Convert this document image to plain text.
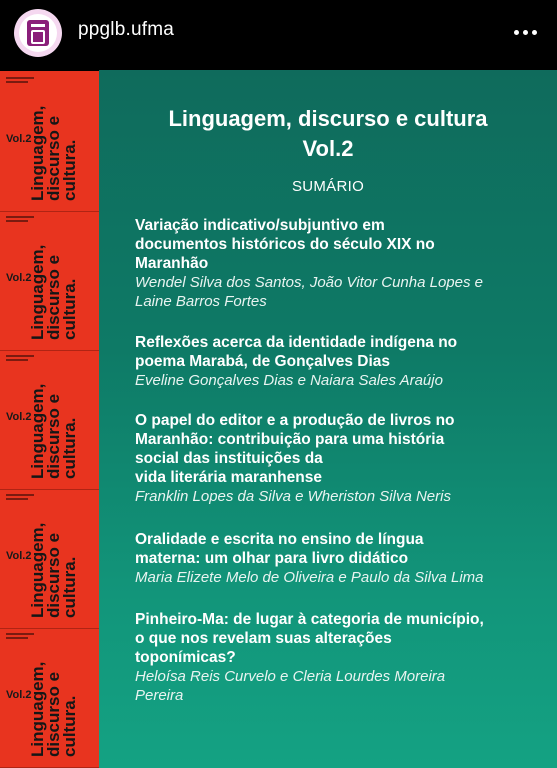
ppglb.ufma
Vol.2
Linguagem,
discurso e
cultura.
Vol.2
Linguagem,
discurso e
cultura.
Vol.2
Linguagem,
discurso e
cultura.
Vol.2
Linguagem,
discurso e
cultura.
Vol.2
Linguagem,
discurso e
cultura.
Linguagem, discurso e cultura
Vol.2
SUMÁRIO
Variação indicativo/subjuntivo em
documentos históricos do século XIX no
Maranhão
Wendel Silva dos Santos, João Vitor Cunha Lopes e
Laine Barros Fortes
Reflexões acerca da identidade indígena no
poema Marabá, de Gonçalves Dias
Eveline Gonçalves Dias e Naiara Sales Araújo
O papel do editor e a produção de livros no
Maranhão: contribuição para uma história
social das instituições da
vida literária maranhense
Franklin Lopes da Silva e Wheriston Silva Neris
Oralidade e escrita no ensino de língua
materna: um olhar para livro didático
Maria Elizete Melo de Oliveira e Paulo da Silva Lima
Pinheiro-Ma: de lugar à categoria de município,
o que nos revelam suas alterações
toponímicas?
Heloísa Reis Curvelo e Cleria Lourdes Moreira
Pereira
